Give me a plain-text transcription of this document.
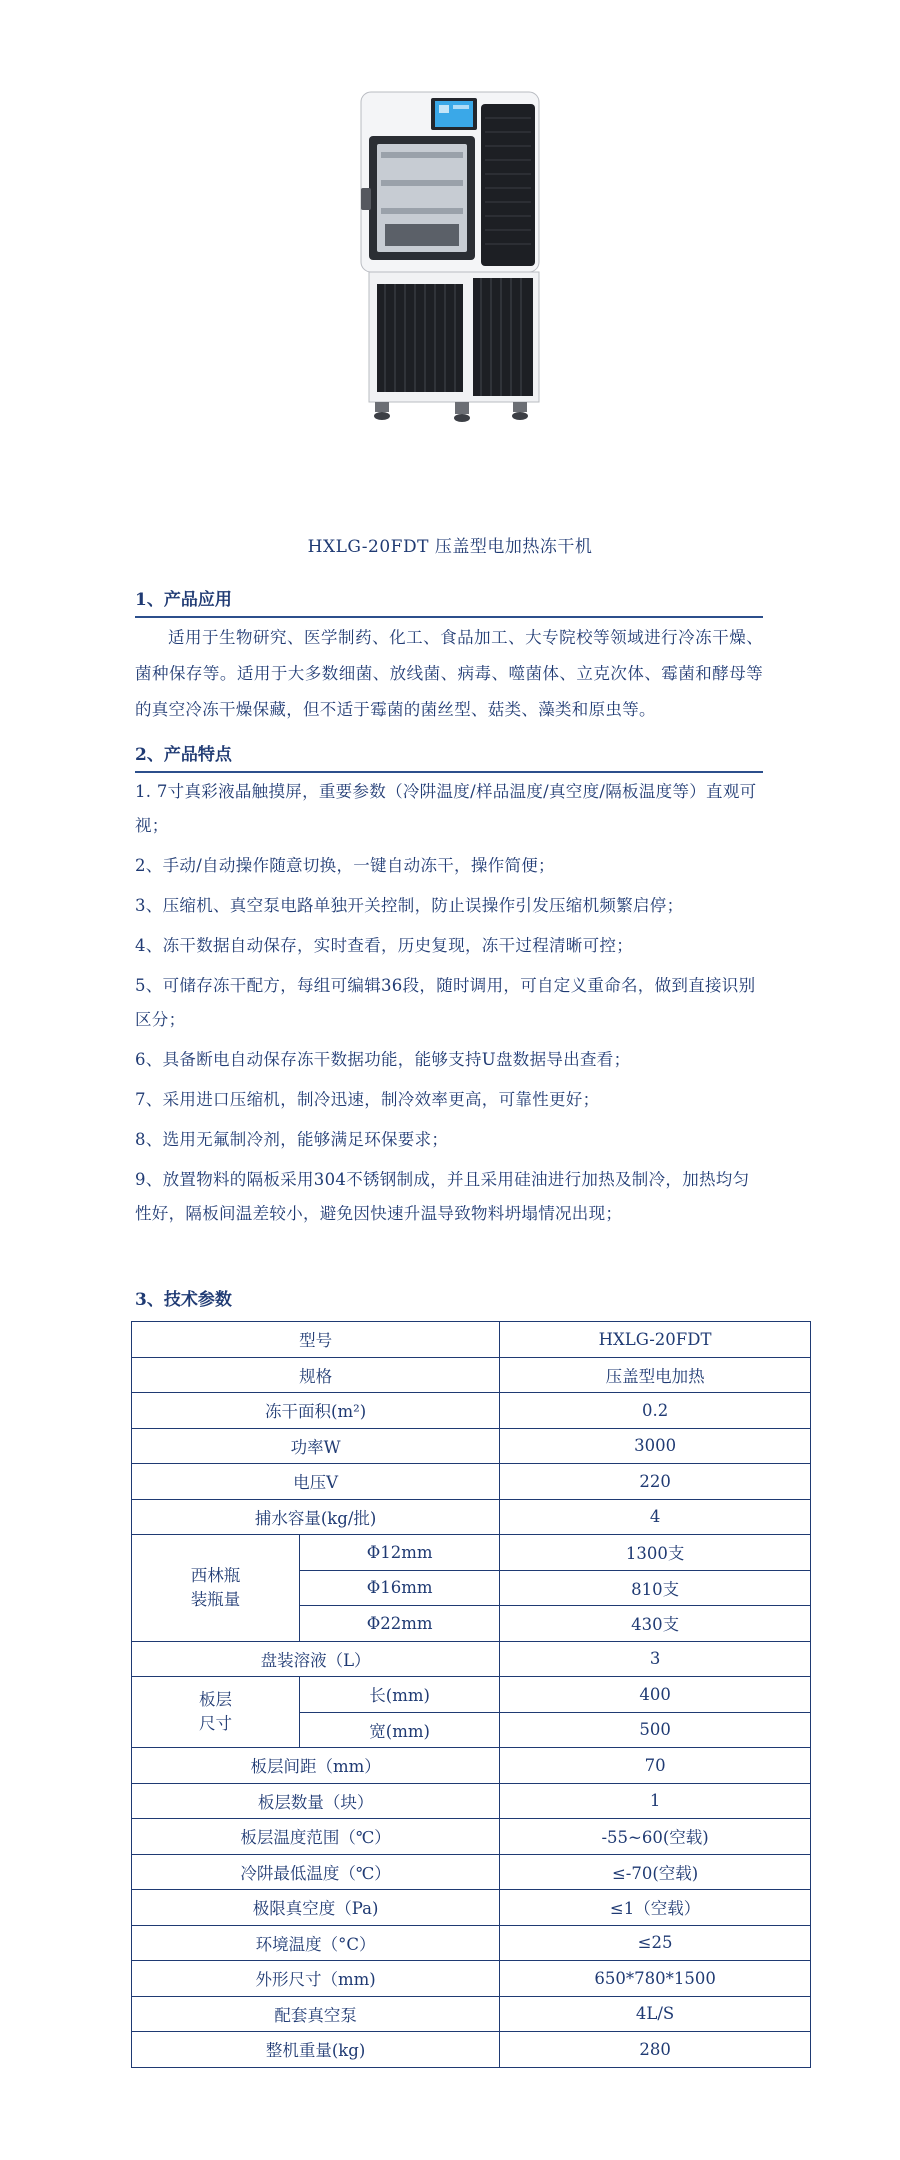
HXLG-20FDT 压盖型电加热冻干机
1、产品应用

适用于生物研究、医学制药、化工、食品加工、大专院校等领域进行冷冻干燥、菌种保存等。适用于大多数细菌、放线菌、病毒、噬菌体、立克次体、霉菌和酵母等的真空冷冻干燥保藏，但不适于霉菌的菌丝型、菇类、藻类和原虫等。

2、产品特点
1. 7寸真彩液晶触摸屏，重要参数（冷阱温度/样品温度/真空度/隔板温度等）直观可视；
2、手动/自动操作随意切换，一键自动冻干，操作简便；
3、压缩机、真空泵电路单独开关控制，防止误操作引发压缩机频繁启停；
4、冻干数据自动保存，实时查看，历史复现，冻干过程清晰可控；
5、可储存冻干配方，每组可编辑36段，随时调用，可自定义重命名，做到直接识别区分；
6、具备断电自动保存冻干数据功能，能够支持U盘数据导出查看；
7、采用进口压缩机，制冷迅速，制冷效率更高，可靠性更好；
8、选用无氟制冷剂，能够满足环保要求；
9、放置物料的隔板采用304不锈钢制成，并且采用硅油进行加热及制冷，加热均匀性好，隔板间温差较小，避免因快速升温导致物料坍塌情况出现；
3、技术参数
型号		HXLG-20FDT
规格		压盖型电加热
冻干面积(m²)		0.2
功率W		3000
电压V		220
捕水容量(kg/批)		4
西林瓶
装瓶量	Φ12mm	1300支
	Φ16mm	810支
	Φ22mm	430支
盘装溶液（L）		3
板层
尺寸	长(mm)	400
	宽(mm)	500
板层间距（mm）		70
板层数量（块）		1
板层温度范围（℃）		-55~60(空载)
冷阱最低温度（℃）		≤-70(空载)
极限真空度（Pa)		≤1（空载）
环境温度（°C）		≤25
外形尺寸（mm)		650*780*1500
配套真空泵		4L/S
整机重量(kg)		280
